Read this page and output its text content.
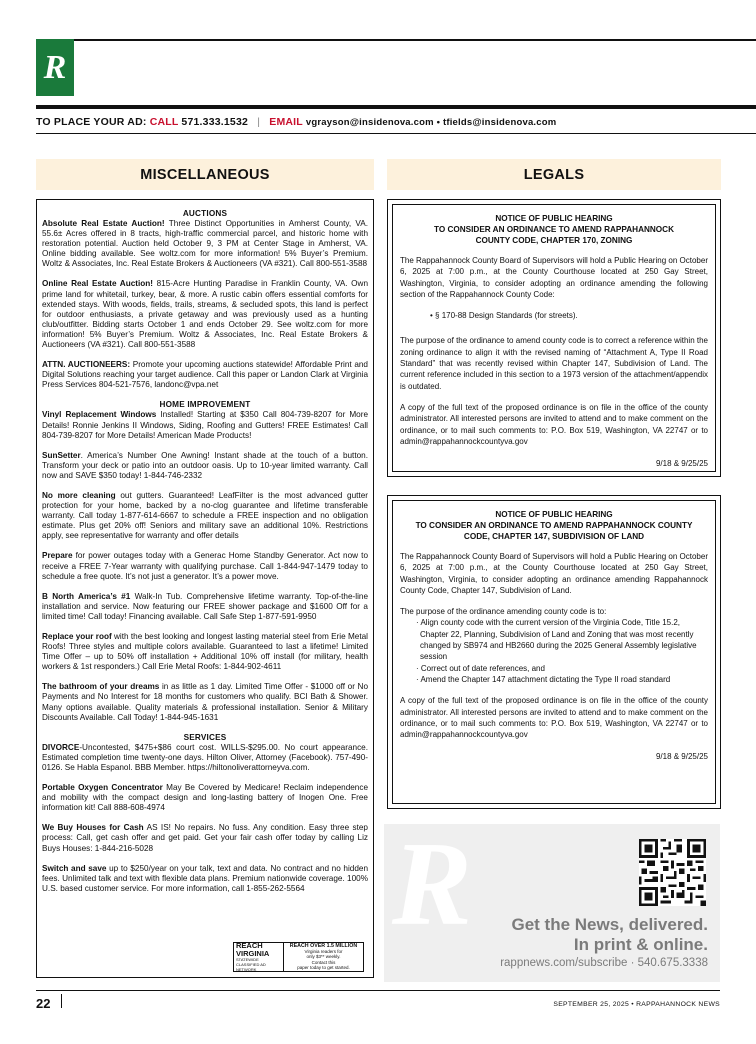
R
TO PLACE YOUR AD: CALL 571.333.1532 | EMAIL vgrayson@insidenova.com • tfields@insidenova.com
MISCELLANEOUS	LEGALS
AUCTIONS

Absolute Real Estate Auction! Three Distinct Opportunities in Amherst County, VA. 55.6± Acres offered in 8 tracts, high-traffic commercial parcel, and historic home with restoration potential. Auction held October 9, 3 PM at Center Stage in Amherst, VA. Online bidding available. See woltz.com for more information! 5% Buyer’s Premium. Woltz & Associates, Inc. Real Estate Brokers & Auctioneers (VA #321). Call 800-551-3588

Online Real Estate Auction! 815-Acre Hunting Paradise in Franklin County, VA. Own prime land for whitetail, turkey, bear, & more. A rustic cabin offers essential comforts for extended stays. With woods, fields, trails, streams, & secluded spots, this land is perfect for outdoor enthusiasts, a private getaway and was previously used as a hunting club/outfitter. Bidding starts October 1 and ends October 29. See woltz.com for more information! 5% Buyer’s Premium. Woltz & Associates, Inc. Real Estate Brokers & Auctioneers (VA #321). Call 800-551-3588

ATTN. AUCTIONEERS: Promote your upcoming auctions statewide! Affordable Print and Digital Solutions reaching your target audience. Call this paper or Landon Clark at Virginia Press Services 804-521-7576, landonc@vpa.net

HOME IMPROVEMENT

Vinyl Replacement Windows Installed! Starting at $350 Call 804-739-8207 for More Details! Ronnie Jenkins II Windows, Siding, Roofing and Gutters! FREE Estimates! Call 804-739-8207 for More Details! American Made Products!

SunSetter. America’s Number One Awning! Instant shade at the touch of a button. Transform your deck or patio into an outdoor oasis. Up to 10-year limited warranty. Call now and SAVE $350 today! 1-844-746-2332

No more cleaning out gutters. Guaranteed! LeafFilter is the most advanced gutter protection for your home, backed by a no-clog guarantee and lifetime transferable warranty. Call today 1-877-614-6667 to schedule a FREE inspection and no obligation estimate. Plus get 20% off! Seniors and military save an additional 10%. Restrictions apply, see representative for warranty and offer details

Prepare for power outages today with a Generac Home Standby Generator. Act now to receive a FREE 7-Year warranty with qualifying purchase. Call 1-844-947-1479 today to schedule a free quote. It’s not just a generator. It’s a power move.

B North America’s #1 Walk-In Tub. Comprehensive lifetime warranty. Top-of-the-line installation and service. Now featuring our FREE shower package and $1600 Off for a limited time! Call today! Financing available. Call Safe Step 1-877-591-9950

Replace your roof with the best looking and longest lasting material steel from Erie Metal Roofs! Three styles and multiple colors available. Guaranteed to last a lifetime! Limited Time Offer – up to 50% off installation + Additional 10% off install (for military, health workers & 1st responders.) Call Erie Metal Roofs: 1-844-902-4611

The bathroom of your dreams in as little as 1 day. Limited Time Offer - $1000 off or No Payments and No Interest for 18 months for customers who qualify. BCI Bath & Shower. Many options available. Quality materials & professional installation. Senior & Military Discounts Available. Call Today! 1-844-945-1631

SERVICES

DIVORCE-Uncontested, $475+$86 court cost. WILLS-$295.00. No court appearance. Estimated completion time twenty-one days. Hilton Oliver, Attorney (Facebook). 757-490-0126. Se Habla Espanol. BBB Member. https://hiltonoliverattorneyva.com.

Portable Oxygen Concentrator May Be Covered by Medicare! Reclaim independence and mobility with the compact design and long-lasting battery of Inogen One. Free information kit! Call 888-608-4974

We Buy Houses for Cash AS IS! No repairs. No fuss. Any condition. Easy three step process: Call, get cash offer and get paid. Get your fair cash offer today by calling Liz Buys Houses: 1-844-216-5028

Switch and save up to $250/year on your talk, text and data. No contract and no hidden fees. Unlimited talk and text with flexible data plans. Premium nationwide coverage. 100% U.S. based customer service. For more information, call 1-855-262-5564

REACH
VIRGINIA
STATEWIDE CLASSIFIED AD NETWORK
REACH OVER 1.5 MILLION
Virginia readers for
only $3** weekly.
Contact this
paper today to get started.
NOTICE OF PUBLIC HEARING
TO CONSIDER AN ORDINANCE TO AMEND RAPPAHANNOCK
COUNTY CODE, CHAPTER 170, ZONING

The Rappahannock County Board of Supervisors will hold a Public Hearing on October 6, 2025 at 7:00 p.m., at the County Courthouse located at 250 Gay Street, Washington, Virginia, to consider adopting an ordinance amending the following section of the Rappahannock County Code:

• § 170-88 Design Standards (for streets).

The purpose of the ordinance to amend county code is to correct a reference within the zoning ordinance to align it with the revised naming of “Attachment A, Type II Road Standard” that was recently revised within Chapter 147, Subdivision of Land. The current reference included in this section to a 1973 version of the attachment/appendix is outdated.

A copy of the full text of the proposed ordinance is on file in the office of the county administrator. All interested persons are invited to attend and to make comment on the ordinance, or to mail such comments to: P.O. Box 519, Washington, VA 22747 or to admin@rappahannockcountyva.gov

9/18 & 9/25/25
NOTICE OF PUBLIC HEARING
TO CONSIDER AN ORDINANCE TO AMEND RAPPAHANNOCK COUNTY
CODE, CHAPTER 147, SUBDIVISION OF LAND

The Rappahannock County Board of Supervisors will hold a Public Hearing on October 6, 2025 at 7:00 p.m., at the County Courthouse located at 250 Gay Street, Washington, Virginia, to consider adopting an ordinance amending Rappahannock County Code, Chapter 147, Subdivision of Land.

The purpose of the ordinance amending county code is to:

· Align county code with the current version of the Virginia Code, Title 15.2, Chapter 22, Planning, Subdivision of Land and Zoning that was most recently changed by SB974 and HB2660 during the 2025 General Assembly legislative session
· Correct out of date references, and
· Amend the Chapter 147 attachment dictating the Type II road standard

A copy of the full text of the proposed ordinance is on file in the office of the county administrator. All interested persons are invited to attend and to make comment on the ordinance, or to mail such comments to: P.O. Box 519, Washington, VA 22747 or to admin@rappahannockcountyva.gov

9/18 & 9/25/25
R Get the News, delivered.
In print & online.
rappnews.com/subscribe · 540.675.3338
22	SEPTEMBER 25, 2025 • RAPPAHANNOCK NEWS
